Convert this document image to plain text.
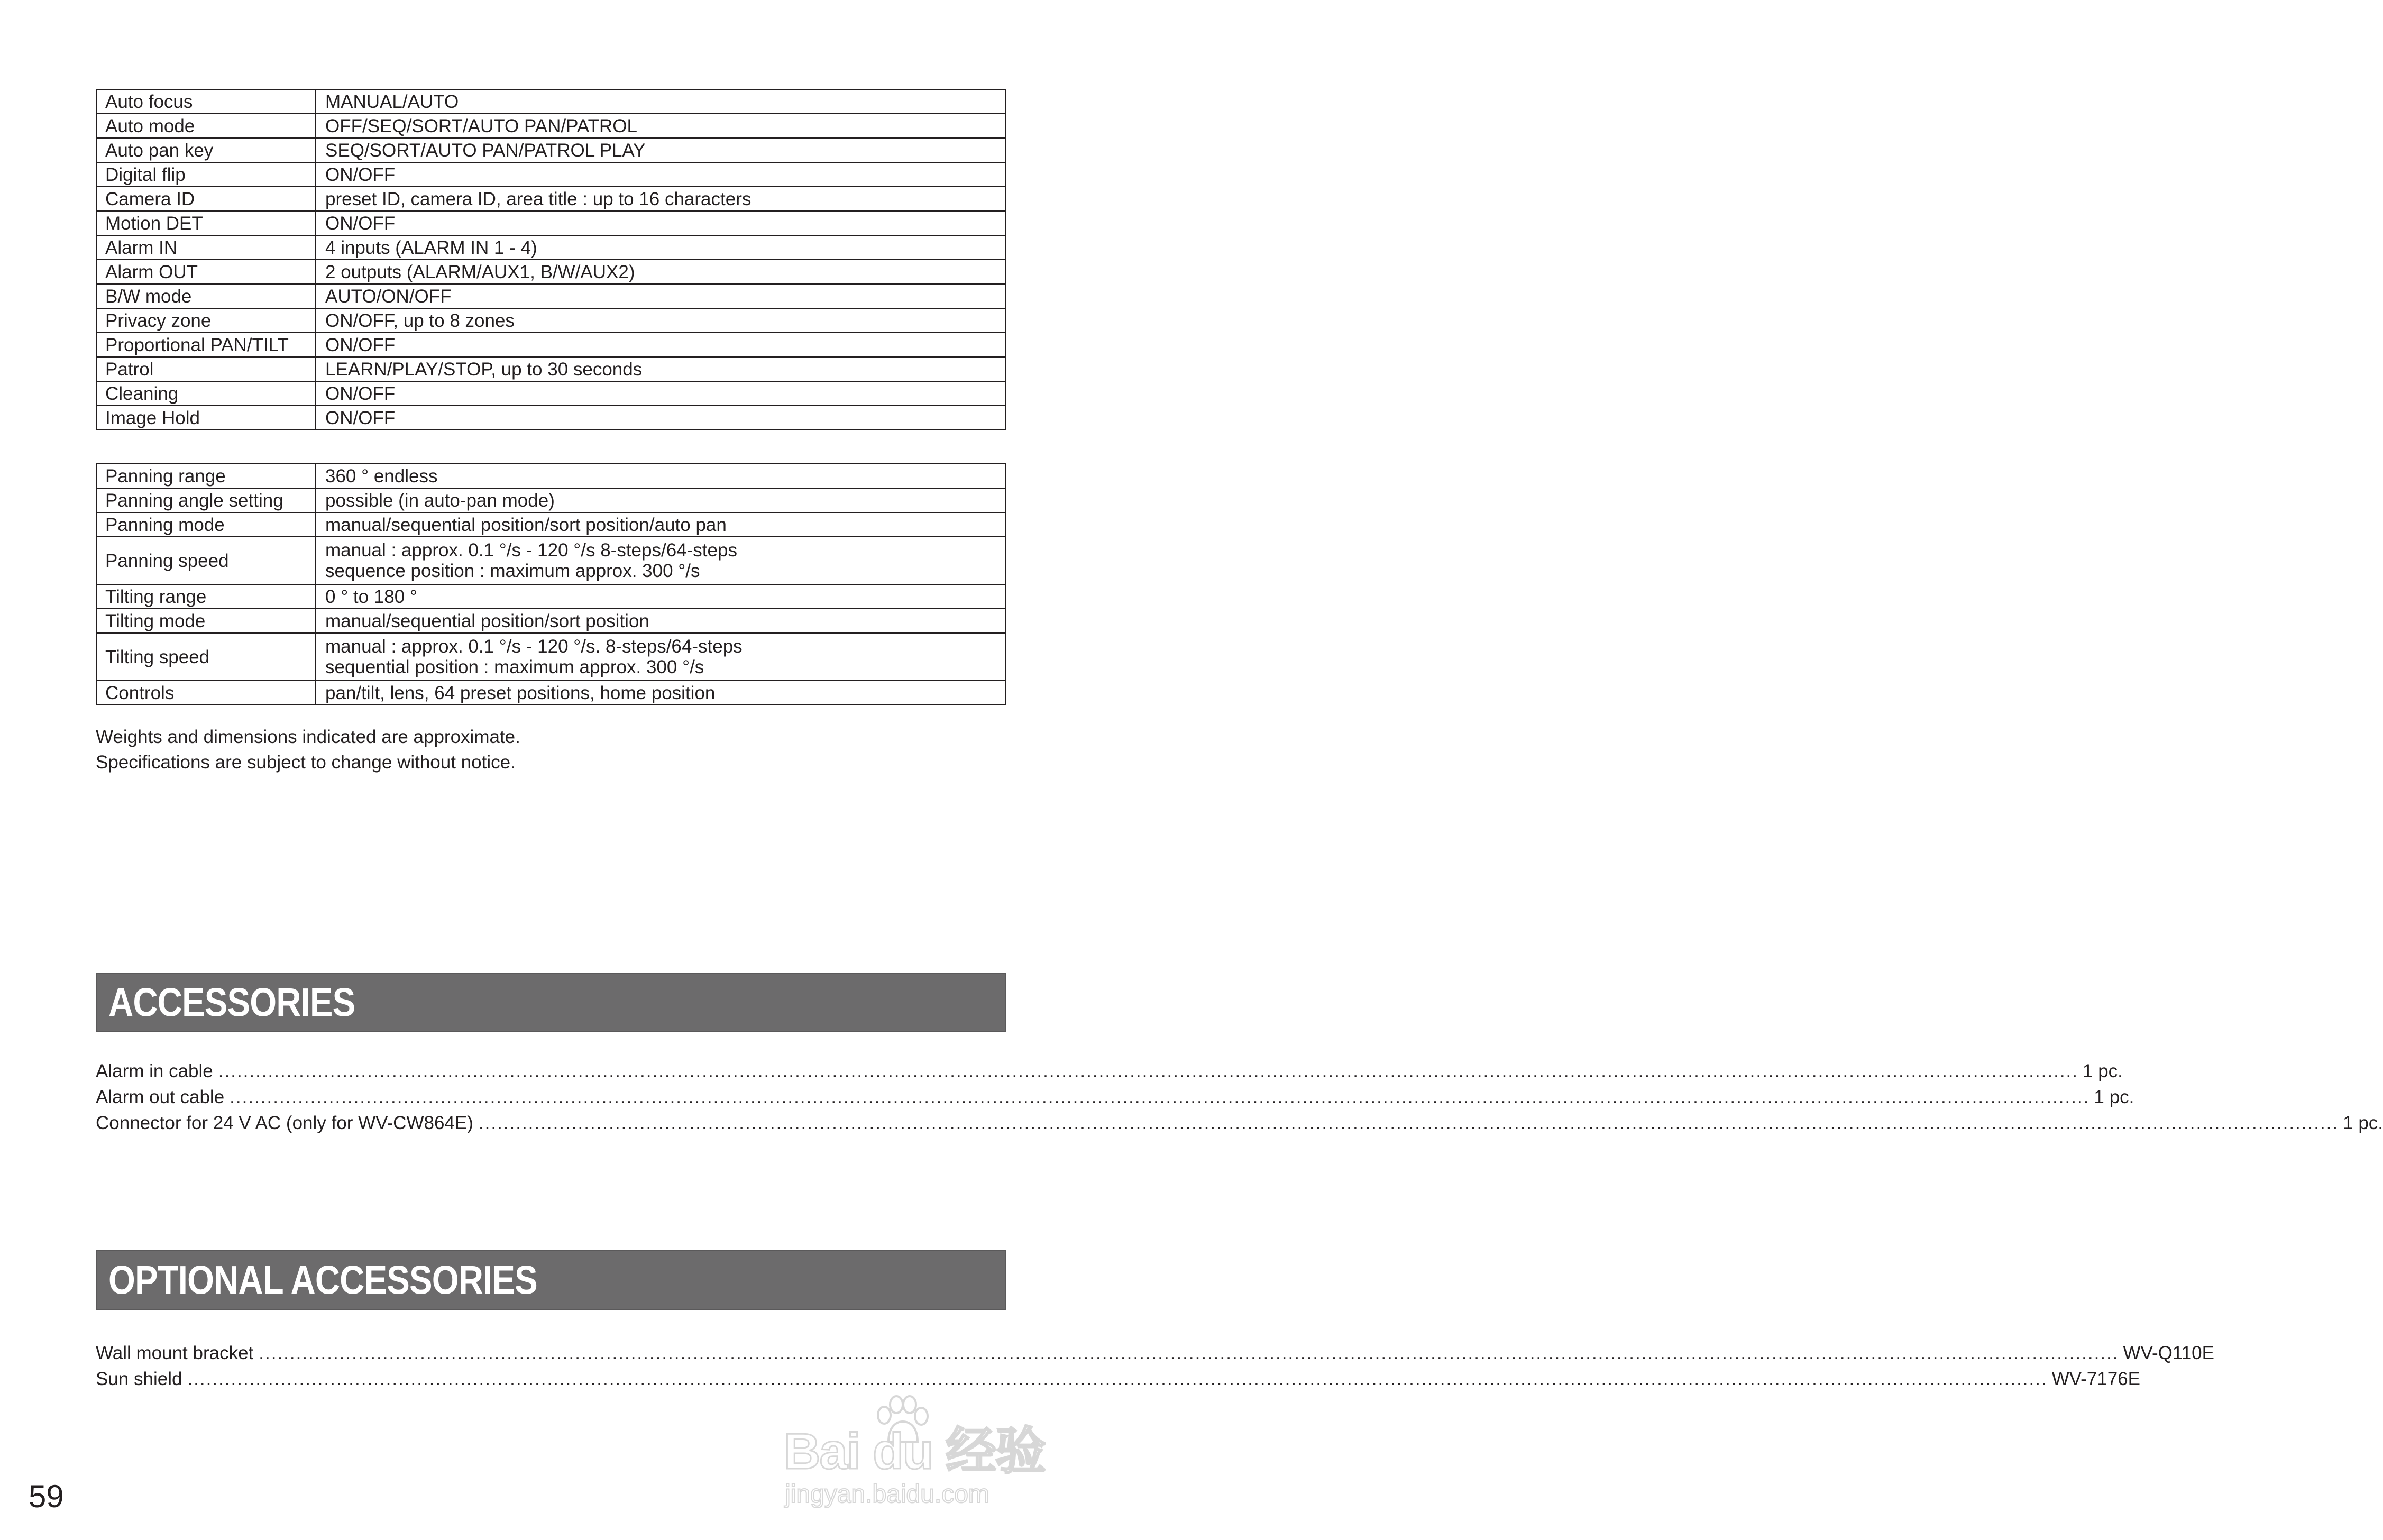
Auto focus	MANUAL/AUTO
Auto mode	OFF/SEQ/SORT/AUTO PAN/PATROL
Auto pan key	SEQ/SORT/AUTO PAN/PATROL PLAY
Digital flip	ON/OFF
Camera ID	preset ID, camera ID, area title : up to 16 characters
Motion DET	ON/OFF
Alarm IN	4 inputs (ALARM IN 1 - 4)
Alarm OUT	2 outputs (ALARM/AUX1, B/W/AUX2)
B/W mode	AUTO/ON/OFF
Privacy zone	ON/OFF, up to 8 zones
Proportional PAN/TILT	ON/OFF
Patrol	LEARN/PLAY/STOP, up to 30 seconds
Cleaning	ON/OFF
Image Hold	ON/OFF
Panning range	360 ° endless
Panning angle setting	possible (in auto-pan mode)
Panning mode	manual/sequential position/sort position/auto pan
Panning speed	manual : approx. 0.1 °/s - 120 °/s 8-steps/64-steps
sequence position : maximum approx. 300 °/s

Tilting range	0 ° to 180 °
Tilting mode	manual/sequential position/sort position
Tilting speed	manual : approx. 0.1 °/s - 120 °/s. 8-steps/64-steps
sequential position : maximum approx. 300 °/s

Controls	pan/tilt, lens, 64 preset positions, home position
Weights and dimensions indicated are approximate.
Specifications are subject to change without notice.
ACCESSORIES
Alarm in cable ............................................................................................................................................................................................................................................................................................................ 1 pc.
Alarm out cable ............................................................................................................................................................................................................................................................................................................ 1 pc.
Connector for 24 V AC (only for WV-CW864E) ............................................................................................................................................................................................................................................................................................................ 1 pc.
OPTIONAL ACCESSORIES
Wall mount bracket ............................................................................................................................................................................................................................................................................................................ WV-Q110E
Sun shield ............................................................................................................................................................................................................................................................................................................ WV-7176E
59
Bai du 经验
jingyan.baidu.com
